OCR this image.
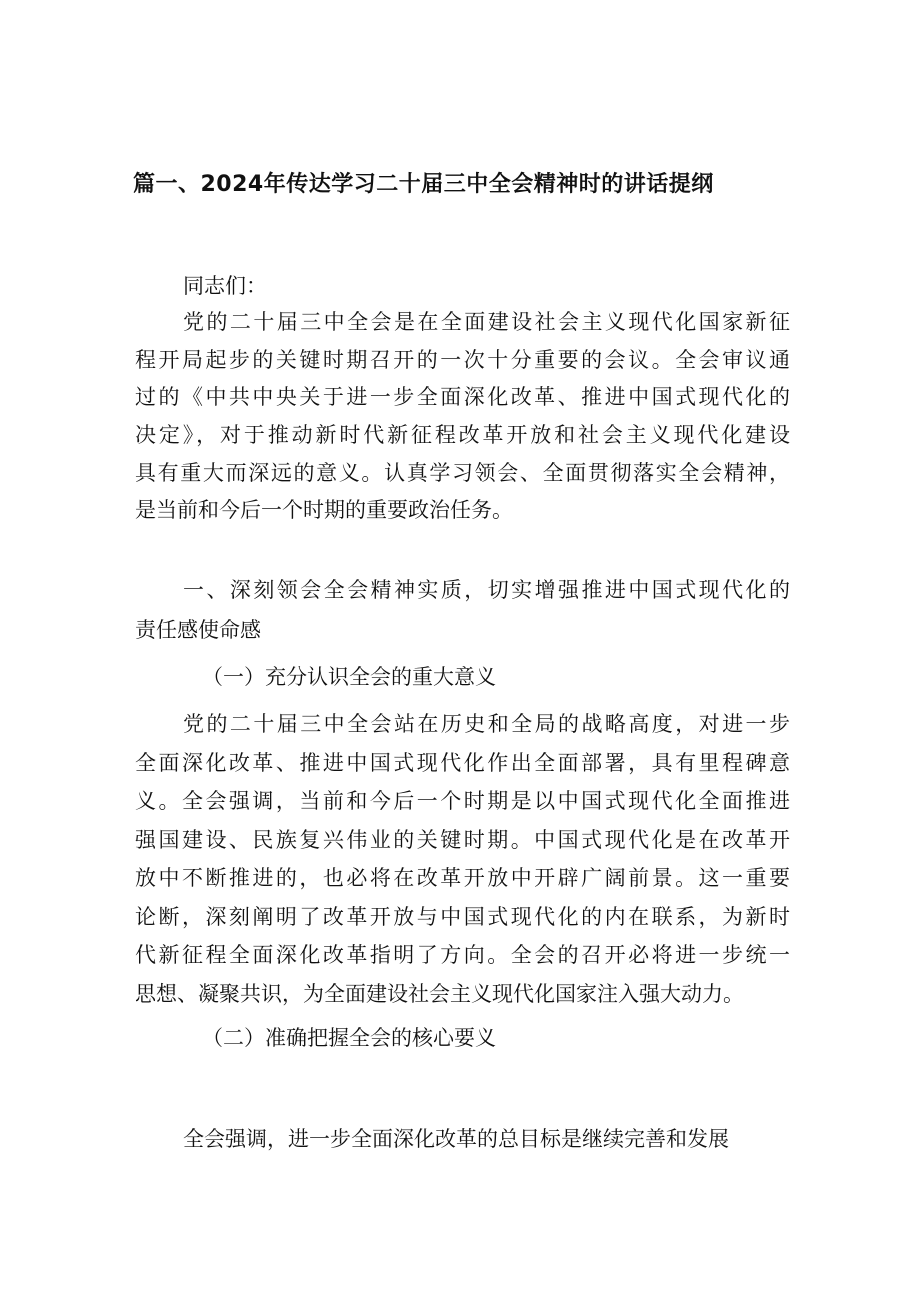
篇一、2024年传达学习二十届三中全会精神时的讲话提纲

同志们：

党的二十届三中全会是在全面建设社会主义现代化国家新征

程开局起步的关键时期召开的一次十分重要的会议。全会审议通

过的《中共中央关于进一步全面深化改革、推进中国式现代化的

决定》，对于推动新时代新征程改革开放和社会主义现代化建设

具有重大而深远的意义。认真学习领会、全面贯彻落实全会精神，

是当前和今后一个时期的重要政治任务。

一、深刻领会全会精神实质，切实增强推进中国式现代化的

责任感使命感

（一）充分认识全会的重大意义

党的二十届三中全会站在历史和全局的战略高度，对进一步

全面深化改革、推进中国式现代化作出全面部署，具有里程碑意

义。全会强调，当前和今后一个时期是以中国式现代化全面推进

强国建设、民族复兴伟业的关键时期。中国式现代化是在改革开

放中不断推进的，也必将在改革开放中开辟广阔前景。这一重要

论断，深刻阐明了改革开放与中国式现代化的内在联系，为新时

代新征程全面深化改革指明了方向。全会的召开必将进一步统一

思想、凝聚共识，为全面建设社会主义现代化国家注入强大动力。

（二）准确把握全会的核心要义

全会强调，进一步全面深化改革的总目标是继续完善和发展
